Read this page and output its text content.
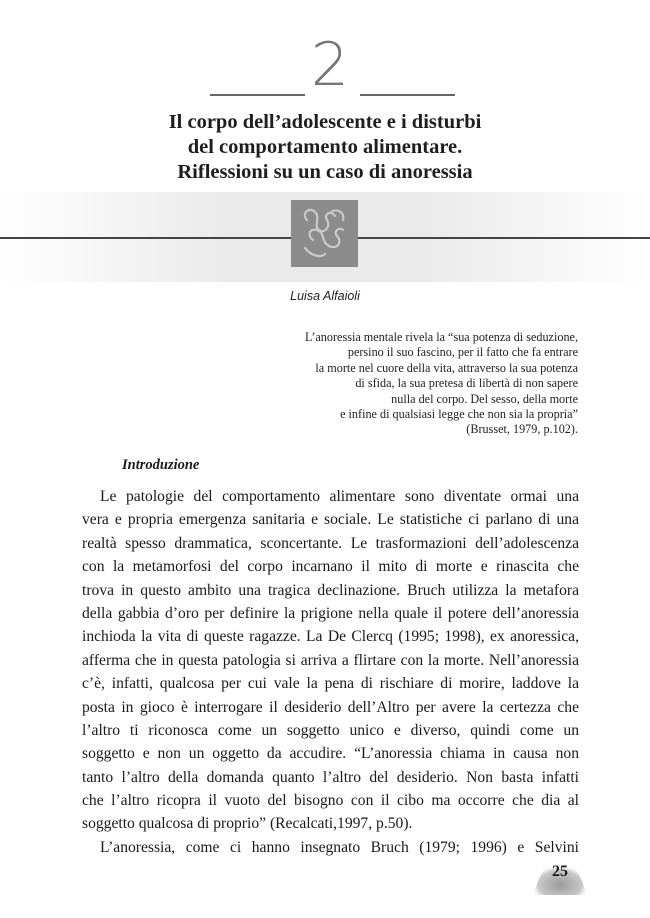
2
Il corpo dell’adolescente e i disturbi
del comportamento alimentare.
Riflessioni su un caso di anoressia
Luisa Alfaioli
L’anoressia mentale rivela la “sua potenza di seduzione,
persino il suo fascino, per il fatto che fa entrare
la morte nel cuore della vita, attraverso la sua potenza
di sfida, la sua pretesa di libertà di non sapere
nulla del corpo. Del sesso, della morte
e infine di qualsiasi legge che non sia la propria”
(Brusset, 1979, p.102).
Introduzione
Le patologie del comportamento alimentare sono diventate ormai una
vera e propria emergenza sanitaria e sociale. Le statistiche ci parlano di una
realtà spesso drammatica, sconcertante. Le trasformazioni dell’adolescenza
con la metamorfosi del corpo incarnano il mito di morte e rinascita che
trova in questo ambito una tragica declinazione. Bruch utilizza la metafora
della gabbia d’oro per definire la prigione nella quale il potere dell’anoressia
inchioda la vita di queste ragazze. La De Clercq (1995; 1998), ex anoressica,
afferma che in questa patologia si arriva a flirtare con la morte. Nell’anoressia
c’è, infatti, qualcosa per cui vale la pena di rischiare di morire, laddove la
posta in gioco è interrogare il desiderio dell’Altro per avere la certezza che
l’altro ti riconosca come un soggetto unico e diverso, quindi come un
soggetto e non un oggetto da accudire. “L’anoressia chiama in causa non
tanto l’altro della domanda quanto l’altro del desiderio. Non basta infatti
che l’altro ricopra il vuoto del bisogno con il cibo ma occorre che dia al
soggetto qualcosa di proprio” (Recalcati,1997, p.50).
L’anoressia, come ci hanno insegnato Bruch (1979; 1996) e Selvini
25
